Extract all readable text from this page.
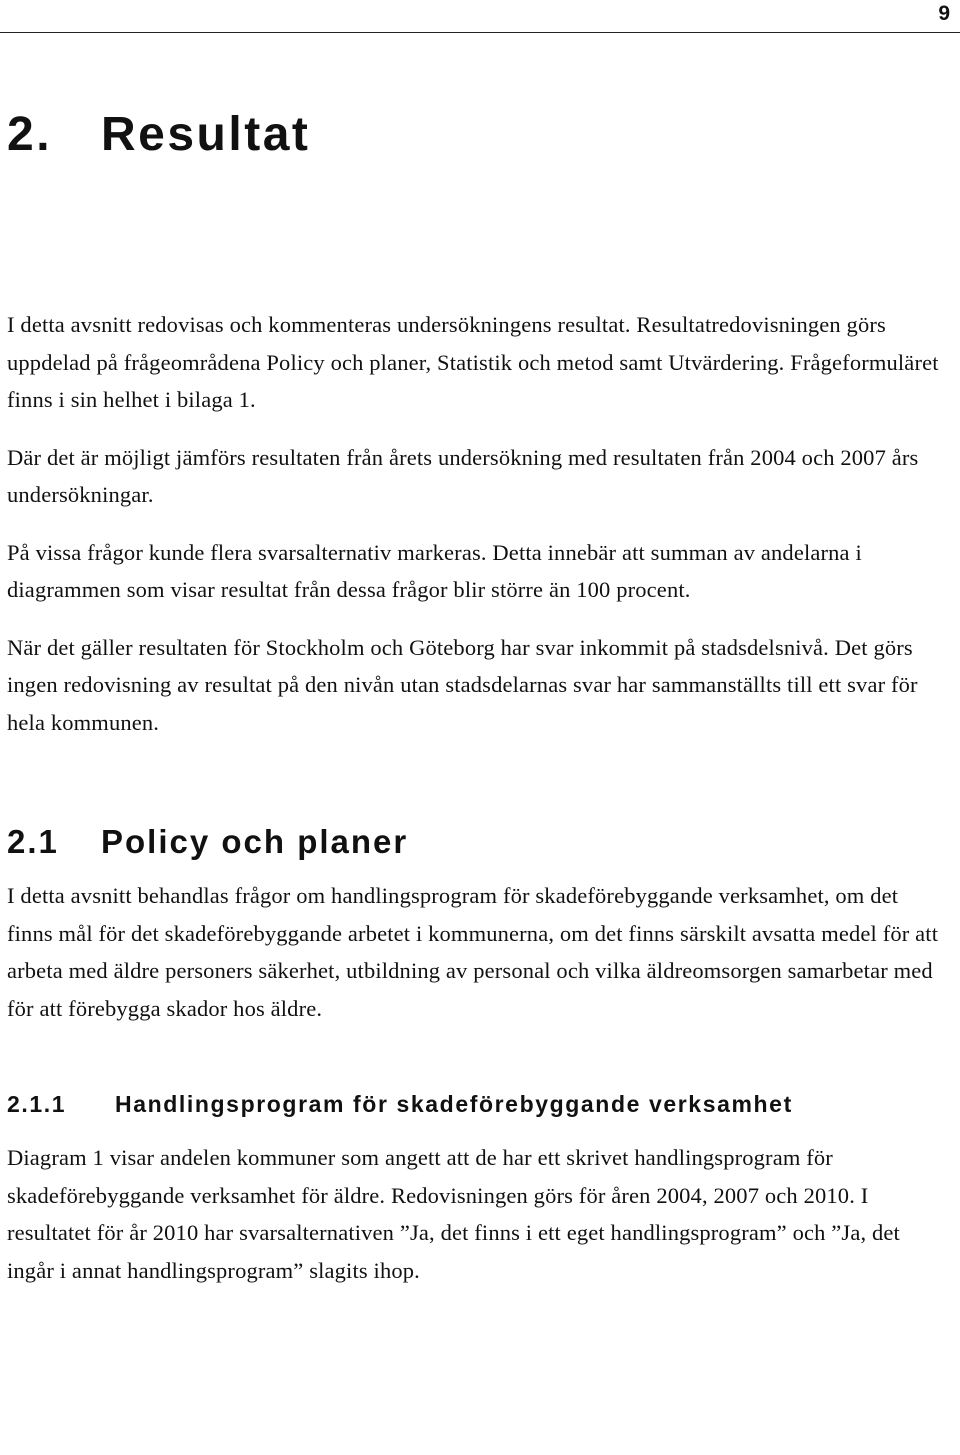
9
2. Resultat

I detta avsnitt redovisas och kommenteras undersökningens resultat. Resultatredovisningen görs uppdelad på frågeområdena Policy och planer, Statistik och metod samt Utvärdering. Frågeformuläret finns i sin helhet i bilaga 1.

Där det är möjligt jämförs resultaten från årets undersökning med resultaten från 2004 och 2007 års undersökningar.

På vissa frågor kunde flera svarsalternativ markeras. Detta innebär att summan av andelarna i diagrammen som visar resultat från dessa frågor blir större än 100 procent.

När det gäller resultaten för Stockholm och Göteborg har svar inkommit på stadsdelsnivå. Det görs ingen redovisning av resultat på den nivån utan stadsdelarnas svar har sammanställts till ett svar för hela kommunen.

2.1 Policy och planer

I detta avsnitt behandlas frågor om handlingsprogram för skadeförebyggande verksamhet, om det finns mål för det skadeförebyggande arbetet i kommunerna, om det finns särskilt avsatta medel för att arbeta med äldre personers säkerhet, utbildning av personal och vilka äldreomsorgen samarbetar med för att förebygga skador hos äldre.

2.1.1 Handlingsprogram för skadeförebyggande verksamhet

Diagram 1 visar andelen kommuner som angett att de har ett skrivet handlingsprogram för skadeförebyggande verksamhet för äldre. Redovisningen görs för åren 2004, 2007 och 2010. I resultatet för år 2010 har svarsalternativen ”Ja, det finns i ett eget handlingsprogram” och ”Ja, det ingår i annat handlingsprogram” slagits ihop.
